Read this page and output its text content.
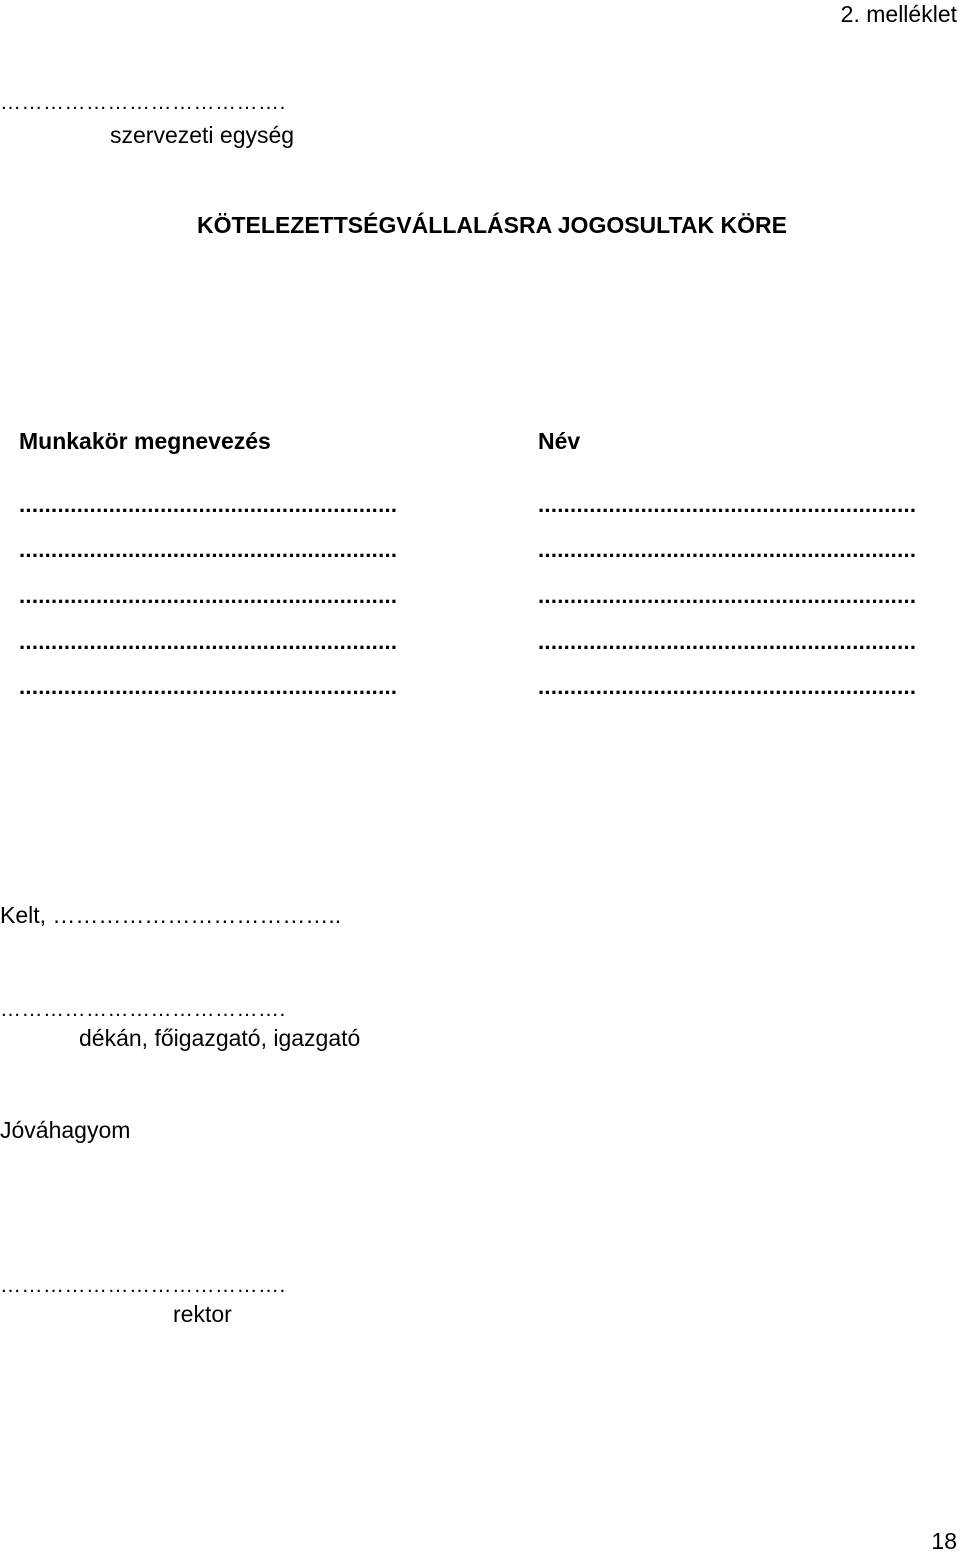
2. melléklet
………………………………….
szervezeti egység
KÖTELEZETTSÉGVÁLLALÁSRA JOGOSULTAK KÖRE
Munkakör megnevezés	Név
...........................................................	...........................................................
...........................................................	...........................................................
...........................................................	...........................................................
...........................................................	...........................................................
...........................................................	...........................................................
Kelt, ………………………………..
………………………………….
dékán, főigazgató, igazgató
Jóváhagyom
………………………………….
rektor
18
